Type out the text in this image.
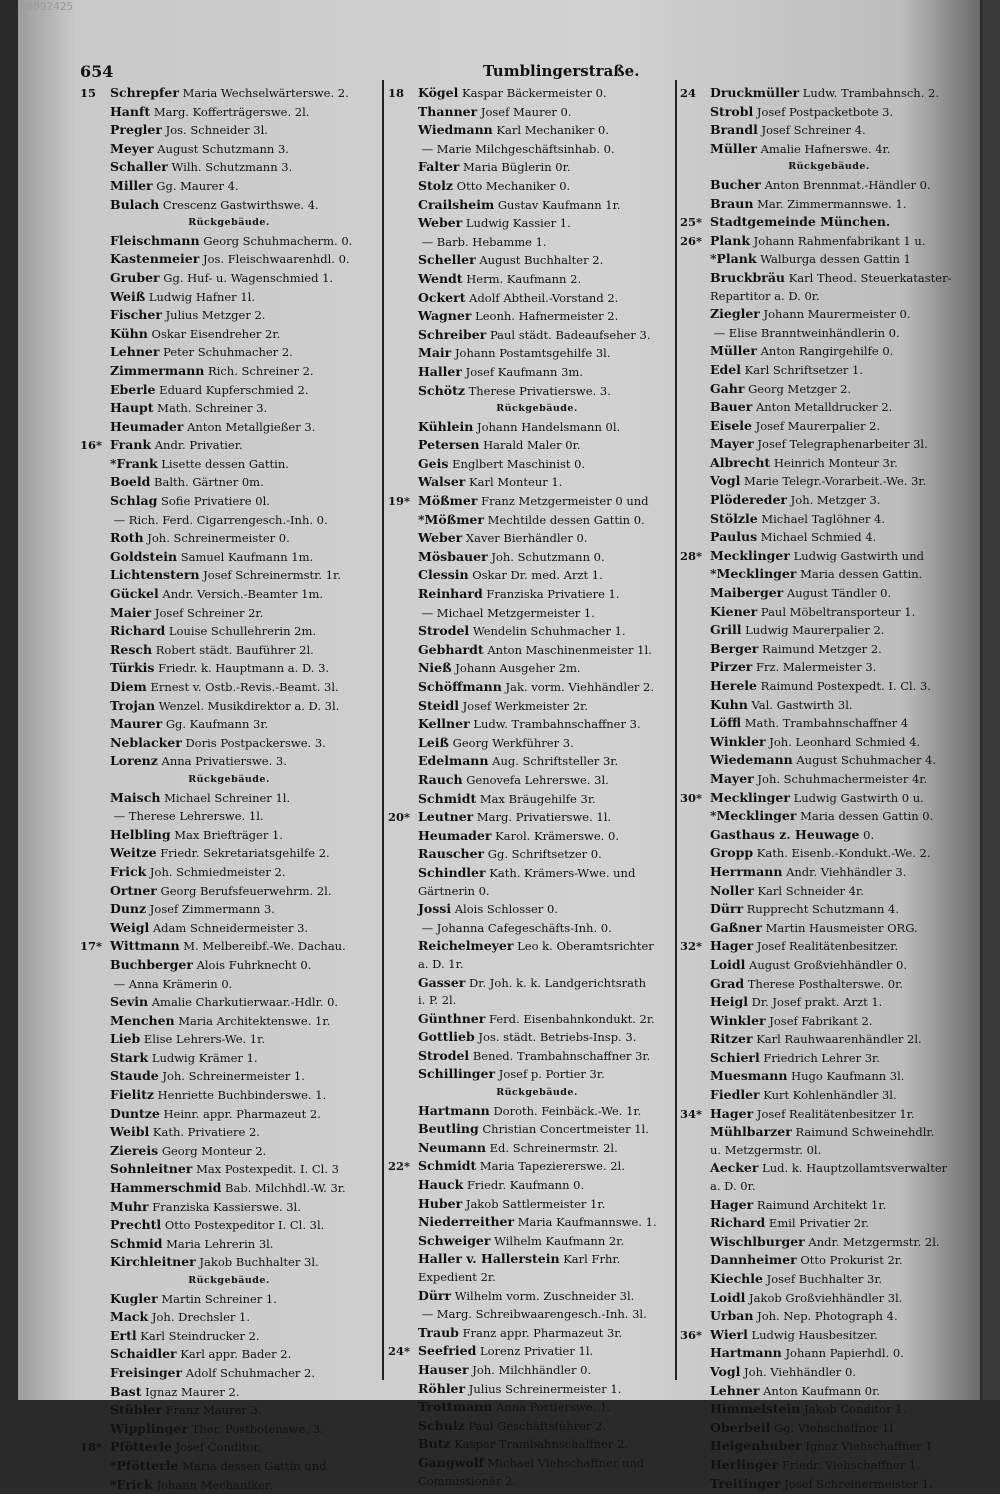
00092425
654	Tumblingerstraße.
15 Schrepfer Maria Wechselwärterswe. 2.
Hanft Marg. Kofferträgerswe. 2l.
Pregler Jos. Schneider 3l.
Meyer August Schutzmann 3.
Schaller Wilh. Schutzmann 3.
Miller Gg. Maurer 4.
Bulach Crescenz Gastwirthswe. 4.
Rückgebäude.
Fleischmann Georg Schuhmacherm. 0.
Kastenmeier Jos. Fleischwaarenhdl. 0.
Gruber Gg. Huf- u. Wagenschmied 1.
Weiß Ludwig Hafner 1l.
Fischer Julius Metzger 2.
Kühn Oskar Eisendreher 2r.
Lehner Peter Schuhmacher 2.
Zimmermann Rich. Schreiner 2.
Eberle Eduard Kupferschmied 2.
Haupt Math. Schreiner 3.
Heumader Anton Metallgießer 3.
16* Frank Andr. Privatier.
*Frank Lisette dessen Gattin.
Boeld Balth. Gärtner 0m.
Schlag Sofie Privatiere 0l.
— Rich. Ferd. Cigarrengesch.-Inh. 0.
Roth Joh. Schreinermeister 0.
Goldstein Samuel Kaufmann 1m.
Lichtenstern Josef Schreinermstr. 1r.
Gückel Andr. Versich.-Beamter 1m.
Maier Josef Schreiner 2r.
Richard Louise Schullehrerin 2m.
Resch Robert städt. Bauführer 2l.
Türkis Friedr. k. Hauptmann a. D. 3.
Diem Ernest v. Ostb.-Revis.-Beamt. 3l.
Trojan Wenzel. Musikdirektor a. D. 3l.
Maurer Gg. Kaufmann 3r.
Neblacker Doris Postpackerswe. 3.
Lorenz Anna Privatierswe. 3.
Rückgebäude.
Maisch Michael Schreiner 1l.
— Therese Lehrerswe. 1l.
Helbling Max Briefträger 1.
Weitze Friedr. Sekretariatsgehilfe 2.
Frick Joh. Schmiedmeister 2.
Ortner Georg Berufsfeuerwehrm. 2l.
Dunz Josef Zimmermann 3.
Weigl Adam Schneidermeister 3.
17* Wittmann M. Melbereibf.-We. Dachau.
Buchberger Alois Fuhrknecht 0.
— Anna Krämerin 0.
Sevin Amalie Charkutierwaar.-Hdlr. 0.
Menchen Maria Architektenswe. 1r.
Lieb Elise Lehrers-We. 1r.
Stark Ludwig Krämer 1.
Staude Joh. Schreinermeister 1.
Fielitz Henriette Buchbinderswe. 1.
Duntze Heinr. appr. Pharmazeut 2.
Weibl Kath. Privatiere 2.
Ziereis Georg Monteur 2.
Sohnleitner Max Postexpedit. I. Cl. 3
Hammerschmid Bab. Milchhdl.-W. 3r.
Muhr Franziska Kassierswe. 3l.
Prechtl Otto Postexpeditor I. Cl. 3l.
Schmid Maria Lehrerin 3l.
Kirchleitner Jakob Buchhalter 3l.
Rückgebäude.
Kugler Martin Schreiner 1.
Mack Joh. Drechsler 1.
Ertl Karl Steindrucker 2.
Schaidler Karl appr. Bader 2.
Freisinger Adolf Schuhmacher 2.
Bast Ignaz Maurer 2.
Stübler Franz Maurer 3.
Wipplinger Ther. Postbotenswe. 3.
18* Pfötterle Josef Conditor,
*Pfötterle Maria dessen Gattin und
*Frick Johann Mechaniker.
18 Kögel Kaspar Bäckermeister 0.
Thanner Josef Maurer 0.
Wiedmann Karl Mechaniker 0.
— Marie Milchgeschäftsinhab. 0.
Falter Maria Büglerin 0r.
Stolz Otto Mechaniker 0.
Crailsheim Gustav Kaufmann 1r.
Weber Ludwig Kassier 1.
— Barb. Hebamme 1.
Scheller August Buchhalter 2.
Wendt Herm. Kaufmann 2.
Ockert Adolf Abtheil.-Vorstand 2.
Wagner Leonh. Hafnermeister 2.
Schreiber Paul städt. Badeaufseher 3.
Mair Johann Postamtsgehilfe 3l.
Haller Josef Kaufmann 3m.
Schötz Therese Privatierswe. 3.
Rückgebäude.
Kühlein Johann Handelsmann 0l.
Petersen Harald Maler 0r.
Geis Englbert Maschinist 0.
Walser Karl Monteur 1.
19* Mößmer Franz Metzgermeister 0 und
*Mößmer Mechtilde dessen Gattin 0.
Weber Xaver Bierhändler 0.
Mösbauer Joh. Schutzmann 0.
Clessin Oskar Dr. med. Arzt 1.
Reinhard Franziska Privatiere 1.
— Michael Metzgermeister 1.
Strodel Wendelin Schuhmacher 1.
Gebhardt Anton Maschinenmeister 1l.
Nieß Johann Ausgeher 2m.
Schöffmann Jak. vorm. Viehhändler 2.
Steidl Josef Werkmeister 2r.
Kellner Ludw. Trambahnschaffner 3.
Leiß Georg Werkführer 3.
Edelmann Aug. Schriftsteller 3r.
Rauch Genovefa Lehrerswe. 3l.
Schmidt Max Bräugehilfe 3r.
20* Leutner Marg. Privatierswe. 1l.
Heumader Karol. Krämerswe. 0.
Rauscher Gg. Schriftsetzer 0.
Schindler Kath. Krämers-Wwe. und
Gärtnerin 0.
Jossi Alois Schlosser 0.
— Johanna Cafegeschäfts-Inh. 0.
Reichelmeyer Leo k. Oberamtsrichter
a. D. 1r.
Gasser Dr. Joh. k. k. Landgerichtsrath
i. P. 2l.
Günthner Ferd. Eisenbahnkondukt. 2r.
Gottlieb Jos. städt. Betriebs-Insp. 3.
Strodel Bened. Trambahnschaffner 3r.
Schillinger Josef p. Portier 3r.
Rückgebäude.
Hartmann Doroth. Feinbäck.-We. 1r.
Beutling Christian Concertmeister 1l.
Neumann Ed. Schreinermstr. 2l.
22* Schmidt Maria Tapeziererswe. 2l.
Hauck Friedr. Kaufmann 0.
Huber Jakob Sattlermeister 1r.
Niederreither Maria Kaufmannswe. 1.
Schweiger Wilhelm Kaufmann 2r.
Haller v. Hallerstein Karl Frhr.
Expedient 2r.
Dürr Wilhelm vorm. Zuschneider 3l.
— Marg. Schreibwaarengesch.-Inh. 3l.
Traub Franz appr. Pharmazeut 3r.
24* Seefried Lorenz Privatier 1l.
Hauser Joh. Milchhändler 0.
Röhler Julius Schreinermeister 1.
Trottmann Anna Portierswe. 1.
Schulz Paul Geschäftsführer 2.
Butz Kaspar Trambahnschaffner 2.
Gangwolf Michael Viehschaffner und
Commissionär 2.
24 Druckmüller Ludw. Trambahnsch. 2.
Strobl Josef Postpacketbote 3.
Brandl Josef Schreiner 4.
Müller Amalie Hafnerswe. 4r.
Rückgebäude.
Bucher Anton Brennmat.-Händler 0.
Braun Mar. Zimmermannswe. 1.
25* Stadtgemeinde München.
26* Plank Johann Rahmenfabrikant 1 u.
*Plank Walburga dessen Gattin 1
Bruckbräu Karl Theod. Steuerkataster-
Repartitor a. D. 0r.
Ziegler Johann Maurermeister 0.
— Elise Branntweinhändlerin 0.
Müller Anton Rangirgehilfe 0.
Edel Karl Schriftsetzer 1.
Gahr Georg Metzger 2.
Bauer Anton Metalldrucker 2.
Eisele Josef Maurerpalier 2.
Mayer Josef Telegraphenarbeiter 3l.
Albrecht Heinrich Monteur 3r.
Vogl Marie Telegr.-Vorarbeit.-We. 3r.
Plödereder Joh. Metzger 3.
Stölzle Michael Taglöhner 4.
Paulus Michael Schmied 4.
28* Mecklinger Ludwig Gastwirth und
*Mecklinger Maria dessen Gattin.
Maiberger August Tändler 0.
Kiener Paul Möbeltransporteur 1.
Grill Ludwig Maurerpalier 2.
Berger Raimund Metzger 2.
Pirzer Frz. Malermeister 3.
Herele Raimund Postexpedt. I. Cl. 3.
Kuhn Val. Gastwirth 3l.
Löffl Math. Trambahnschaffner 4
Winkler Joh. Leonhard Schmied 4.
Wiedemann August Schuhmacher 4.
Mayer Joh. Schuhmachermeister 4r.
30* Mecklinger Ludwig Gastwirth 0 u.
*Mecklinger Maria dessen Gattin 0.
Gasthaus z. Heuwage 0.
Gropp Kath. Eisenb.-Kondukt.-We. 2.
Herrmann Andr. Viehhändler 3.
Noller Karl Schneider 4r.
Dürr Rupprecht Schutzmann 4.
Gaßner Martin Hausmeister ORG.
32* Hager Josef Realitätenbesitzer.
Loidl August Großviehhändler 0.
Grad Therese Posthalterswe. 0r.
Heigl Dr. Josef prakt. Arzt 1.
Winkler Josef Fabrikant 2.
Ritzer Karl Rauhwaarenhändler 2l.
Schierl Friedrich Lehrer 3r.
Muesmann Hugo Kaufmann 3l.
Fiedler Kurt Kohlenhändler 3l.
34* Hager Josef Realitätenbesitzer 1r.
Mühlbarzer Raimund Schweinehdlr.
u. Metzgermstr. 0l.
Aecker Lud. k. Hauptzollamtsverwalter
a. D. 0r.
Hager Raimund Architekt 1r.
Richard Emil Privatier 2r.
Wischlburger Andr. Metzgermstr. 2l.
Dannheimer Otto Prokurist 2r.
Kiechle Josef Buchhalter 3r.
Loidl Jakob Großviehhändler 3l.
Urban Joh. Nep. Photograph 4.
36* Wierl Ludwig Hausbesitzer.
Hartmann Johann Papierhdl. 0.
Vogl Joh. Viehhändler 0.
Lehner Anton Kaufmann 0r.
Himmelstein Jakob Conditor 1.
Oberbeil Gg. Viehschaffner 1l
Heigenhuber Ignaz Viehschaffner 1
Herlinger Friedr. Viehschaffner 1.
Treitinger Josef Schreinermeister 1.
